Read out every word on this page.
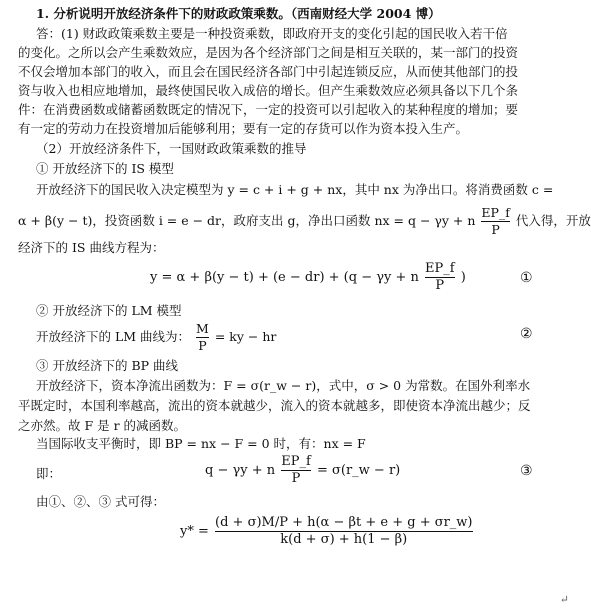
1. 分析说明开放经济条件下的财政政策乘数。（西南财经大学 2004 博）
答：(1) 财政政策乘数主要是一种投资乘数，即政府开支的变化引起的国民收入若干倍
的变化。之所以会产生乘数效应，是因为各个经济部门之间是相互关联的，某一部门的投资
不仅会增加本部门的收入，而且会在国民经济各部门中引起连锁反应，从而使其他部门的投
资与收入也相应地增加，最终使国民收入成倍的增长。但产生乘数效应必须具备以下几个条
件：在消费函数或储蓄函数既定的情况下，一定的投资可以引起收入的某种程度的增加；要
有一定的劳动力在投资增加后能够利用；要有一定的存货可以作为资本投入生产。
（2）开放经济条件下，一国财政政策乘数的推导
① 开放经济下的 IS 模型
开放经济下的国民收入决定模型为 y = c + i + g + nx，其中 nx 为净出口。将消费函数 c =
α + β(y − t)，投资函数 i = e − dr，政府支出 g，净出口函数 nx = q − γy + n $\frac{EP\_f}{P}$ 代入得，开放
经济下的 IS 曲线方程为：
y = α + β(y − t) + (e − dr) + (q − γy + n $\frac{EP\_f}{P}$ )	①
② 开放经济下的 LM 模型
开放经济下的 LM 曲线为： $\frac{M}{P}$ = ky − hr	②
③ 开放经济下的 BP 曲线
开放经济下，资本净流出函数为：F = σ(r_w − r)，式中，σ > 0 为常数。在国外利率水
平既定时，本国利率越高，流出的资本就越少，流入的资本就越多，即使资本净流出越少；反
之亦然。故 F 是 r 的减函数。
当国际收支平衡时，即 BP = nx − F = 0 时，有：nx = F
即：	q − γy + n $\frac{EP\_f}{P}$ = σ(r_w − r)	③
由①、②、③ 式可得：
$y* = \frac{(d + \sigma)M/P + h(\alpha - \beta t + e + g + \sigma r\_w)}{k(d + \sigma) + h(1 - \beta)}$
↵
